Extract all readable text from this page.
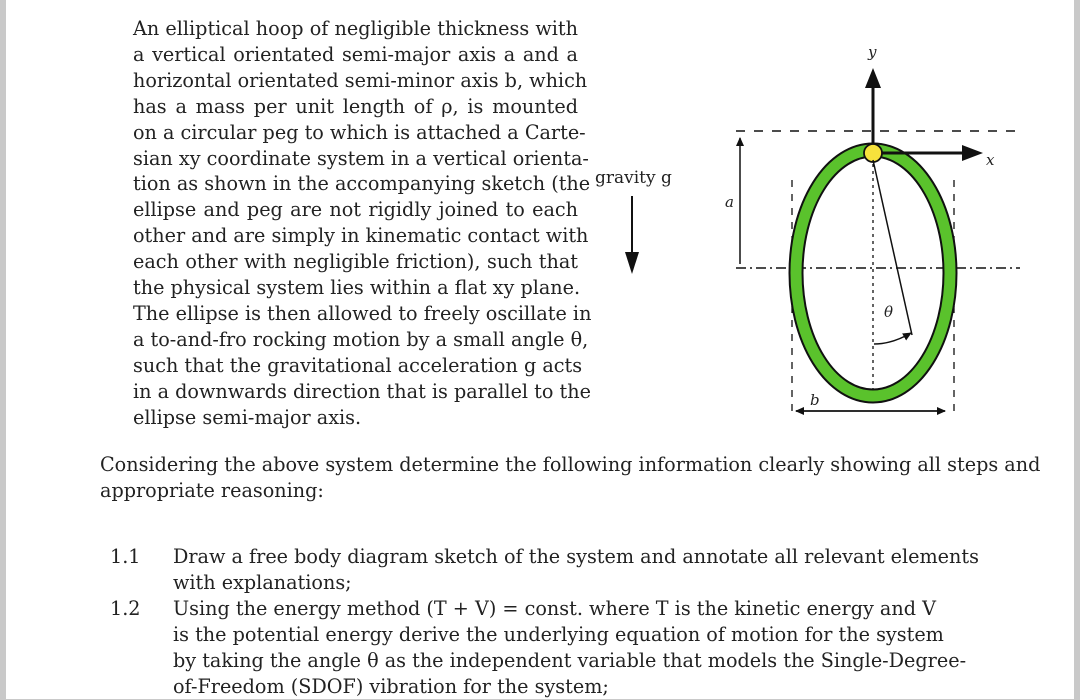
An elliptical hoop of negligible thickness with
a vertical orientated semi-major axis a and a
horizontal orientated semi-minor axis b, which
has a mass per unit length of ρ, is mounted
on a circular peg to which is attached a Carte-
sian xy coordinate system in a vertical orienta-
tion as shown in the accompanying sketch (the
ellipse and peg are not rigidly joined to each
other and are simply in kinematic contact with
each other with negligible friction), such that
the physical system lies within a flat xy plane.
The ellipse is then allowed to freely oscillate in
a to-and-fro rocking motion by a small angle θ,
such that the gravitational acceleration g acts
in a downwards direction that is parallel to the
ellipse semi-major axis.
gravity g
a
y
x
θ
b
Considering the above system determine the following information clearly showing all steps and
appropriate reasoning:
1.1 Draw a free body diagram sketch of the system and annotate all relevant elements
with explanations;
1.2 Using the energy method (T + V) = const. where T is the kinetic energy and V
is the potential energy derive the underlying equation of motion for the system
by taking the angle θ as the independent variable that models the Single-Degree-
of-Freedom (SDOF) vibration for the system;
